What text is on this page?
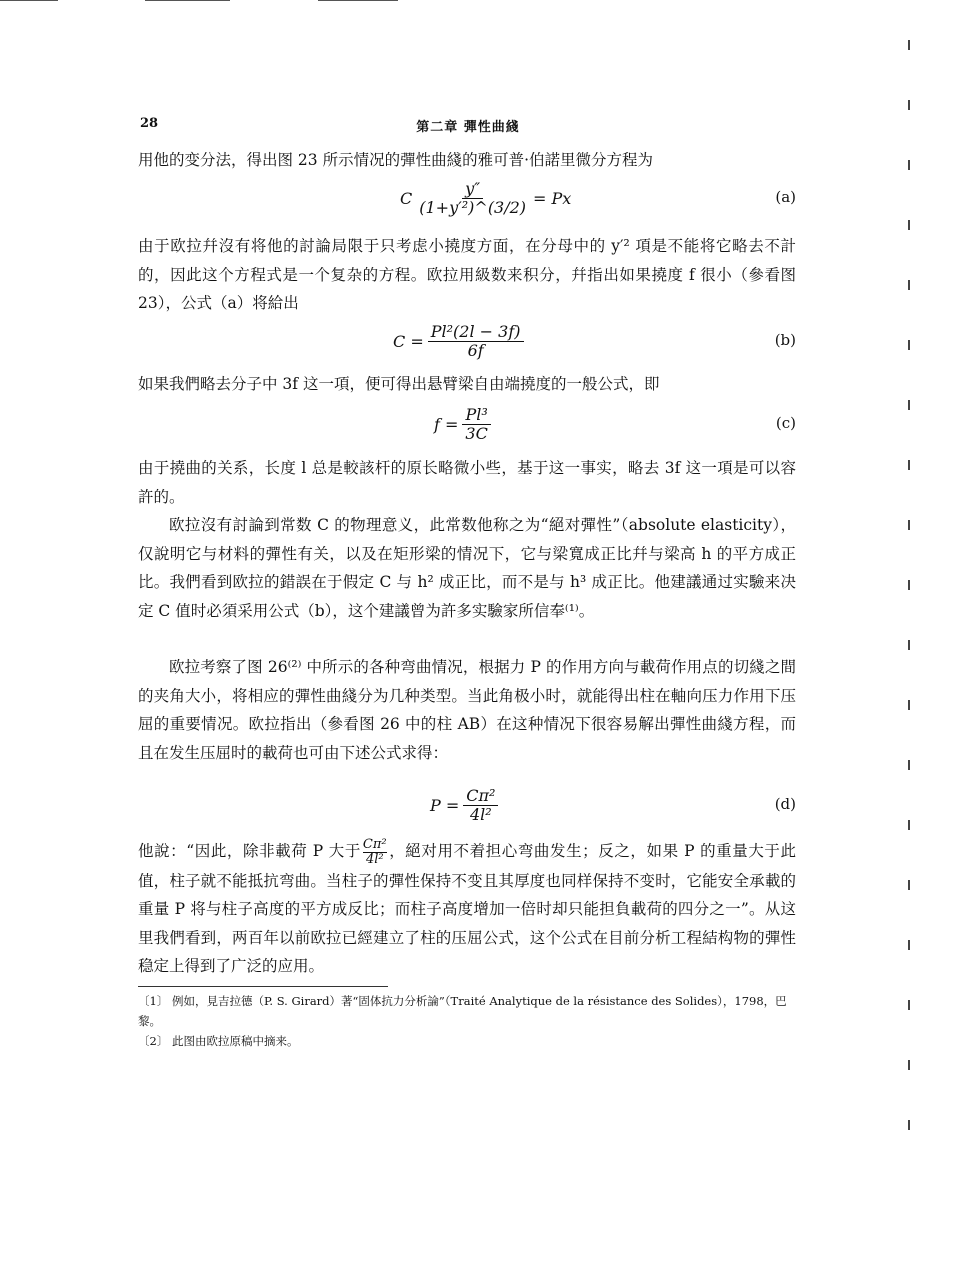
28	第二章 彈性曲綫

用他的变分法，得出图 23 所示情况的彈性曲綫的雅可普·伯諾里微分方程为

C $\frac{y''}{\text{(1+y′²)\textasciicircum{}(3/2)}} = Px$	(a)

由于欧拉幷沒有将他的討論局限于只考虑小撓度方面，在分母中的 y′² 項是不能将它略去不計的，因此这个方程式是一个复杂的方程。欧拉用級数来积分，幷指出如果撓度 f 很小（參看图 23），公式（a）将給出

$C = \frac{\text{Pl²(2l − 3f)}}{6f}$	(b)

如果我們略去分子中 3f 这一項，便可得出悬臂梁自由端撓度的一般公式，即

$f = \frac{\text{Pl³}}{3C}$	(c)

由于撓曲的关系，长度 l 总是較該杆的原长略微小些，基于这一事实，略去 3f 这一項是可以容許的。

欧拉沒有討論到常数 C 的物理意义，此常数他称之为“絕对彈性”（absolute elasticity），仅說明它与材料的彈性有关，以及在矩形梁的情况下，它与梁寬成正比幷与梁高 h 的平方成正比。我們看到欧拉的錯誤在于假定 C 与 h² 成正比，而不是与 h³ 成正比。他建議通过实驗来决定 C 值时必須采用公式（b），这个建議曾为許多实驗家所信奉⁽¹⁾。

欧拉考察了图 26⁽²⁾ 中所示的各种弯曲情况，根据力 P 的作用方向与載荷作用点的切綫之間的夹角大小，将相应的彈性曲綫分为几种类型。当此角极小时，就能得出柱在軸向压力作用下压屈的重要情况。欧拉指出（參看图 26 中的柱 AB）在这种情况下很容易解出彈性曲綫方程，而且在发生压屈时的載荷也可由下述公式求得：

$P = \frac{\text{Cπ²}}{\text{4l²}}$	(d)

他說：“因此，除非載荷 P 大于 $\frac{\text{Cπ²}}{\text{4l²}}$ ，絕对用不着担心弯曲发生；反之，如果 P 的重量大于此值，柱子就不能抵抗弯曲。当柱子的彈性保持不变且其厚度也同样保持不变时，它能安全承載的重量 P 将与柱子高度的平方成反比；而柱子高度增加一倍时却只能担負載荷的四分之一”。从这里我們看到，两百年以前欧拉已經建立了柱的压屈公式，这个公式在目前分析工程結构物的彈性稳定上得到了广泛的应用。

〔1〕 例如，見吉拉德（P. S. Girard）著“固体抗力分析論”（Traité Analytique de la résistance des Solides），1798，巴黎。

〔2〕 此图由欧拉原稿中摘来。
